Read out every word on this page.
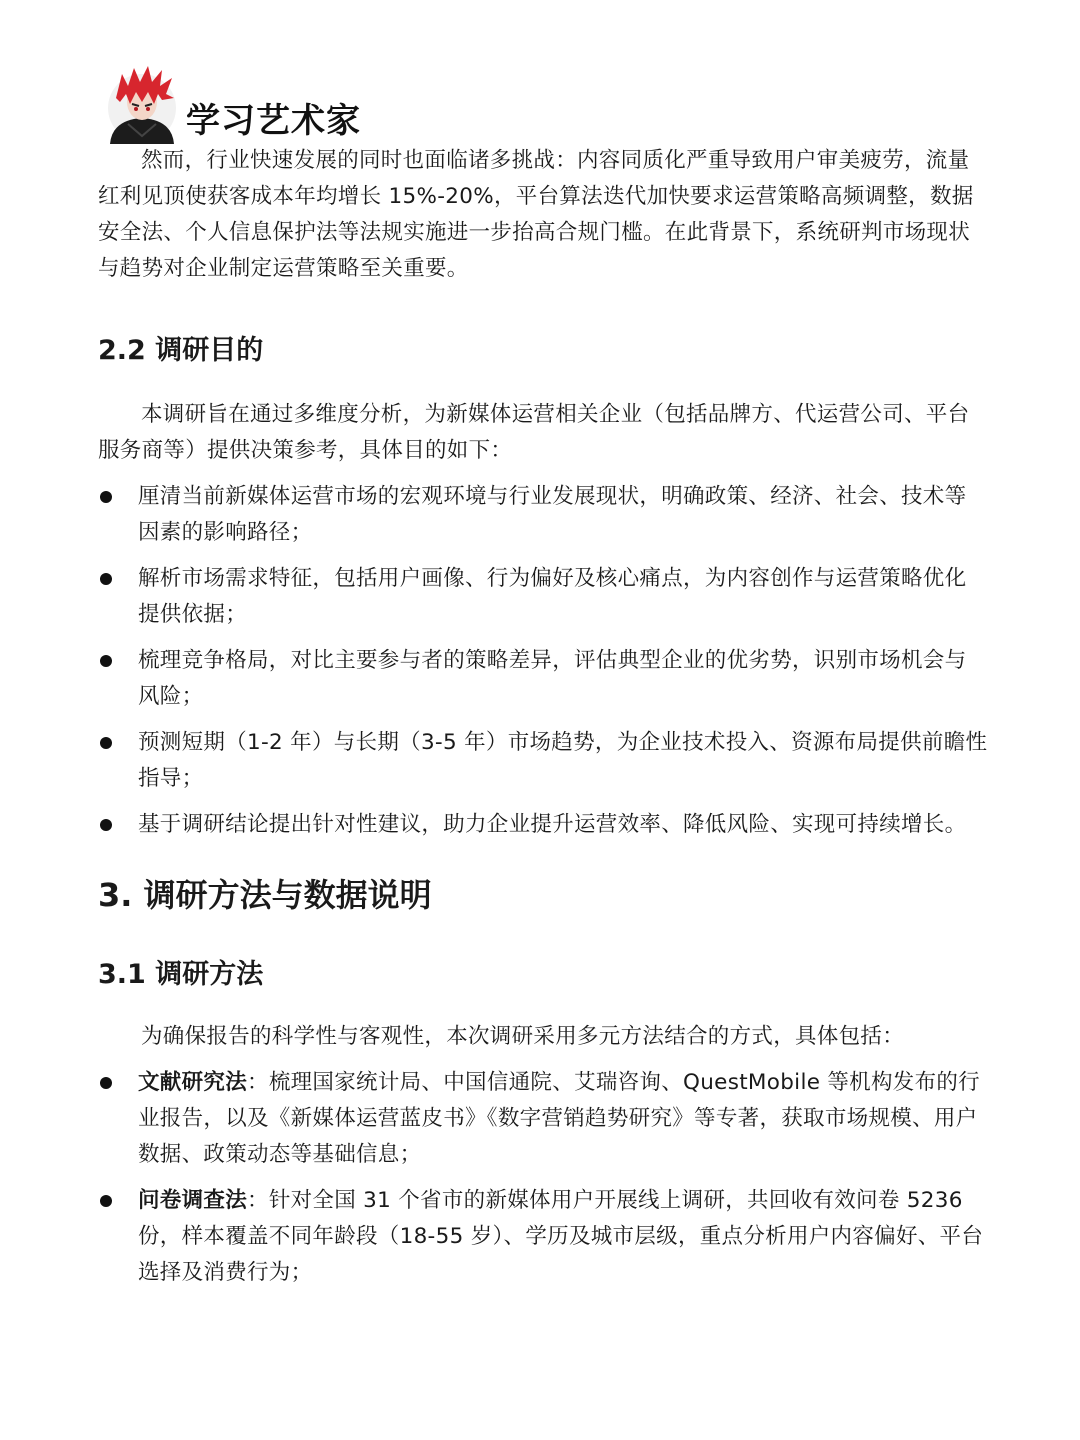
学习艺术家

然而，行业快速发展的同时也面临诸多挑战：内容同质化严重导致用户审美疲劳，流量红利见顶使获客成本年均增长 15%-20%，平台算法迭代加快要求运营策略高频调整，数据安全法、个人信息保护法等法规实施进一步抬高合规门槛。在此背景下，系统研判市场现状与趋势对企业制定运营策略至关重要。

2.2 调研目的

本调研旨在通过多维度分析，为新媒体运营相关企业（包括品牌方、代运营公司、平台服务商等）提供决策参考，具体目的如下：

厘清当前新媒体运营市场的宏观环境与行业发展现状，明确政策、经济、社会、技术等因素的影响路径；
解析市场需求特征，包括用户画像、行为偏好及核心痛点，为内容创作与运营策略优化提供依据；
梳理竞争格局，对比主要参与者的策略差异，评估典型企业的优劣势，识别市场机会与风险；
预测短期（1-2 年）与长期（3-5 年）市场趋势，为企业技术投入、资源布局提供前瞻性指导；
基于调研结论提出针对性建议，助力企业提升运营效率、降低风险、实现可持续增长。
3. 调研方法与数据说明
3.1 调研方法

为确保报告的科学性与客观性，本次调研采用多元方法结合的方式，具体包括：

文献研究法：梳理国家统计局、中国信通院、艾瑞咨询、QuestMobile 等机构发布的行业报告，以及《新媒体运营蓝皮书》《数字营销趋势研究》等专著，获取市场规模、用户数据、政策动态等基础信息；
问卷调查法：针对全国 31 个省市的新媒体用户开展线上调研，共回收有效问卷 5236 份，样本覆盖不同年龄段（18-55 岁）、学历及城市层级，重点分析用户内容偏好、平台选择及消费行为；
